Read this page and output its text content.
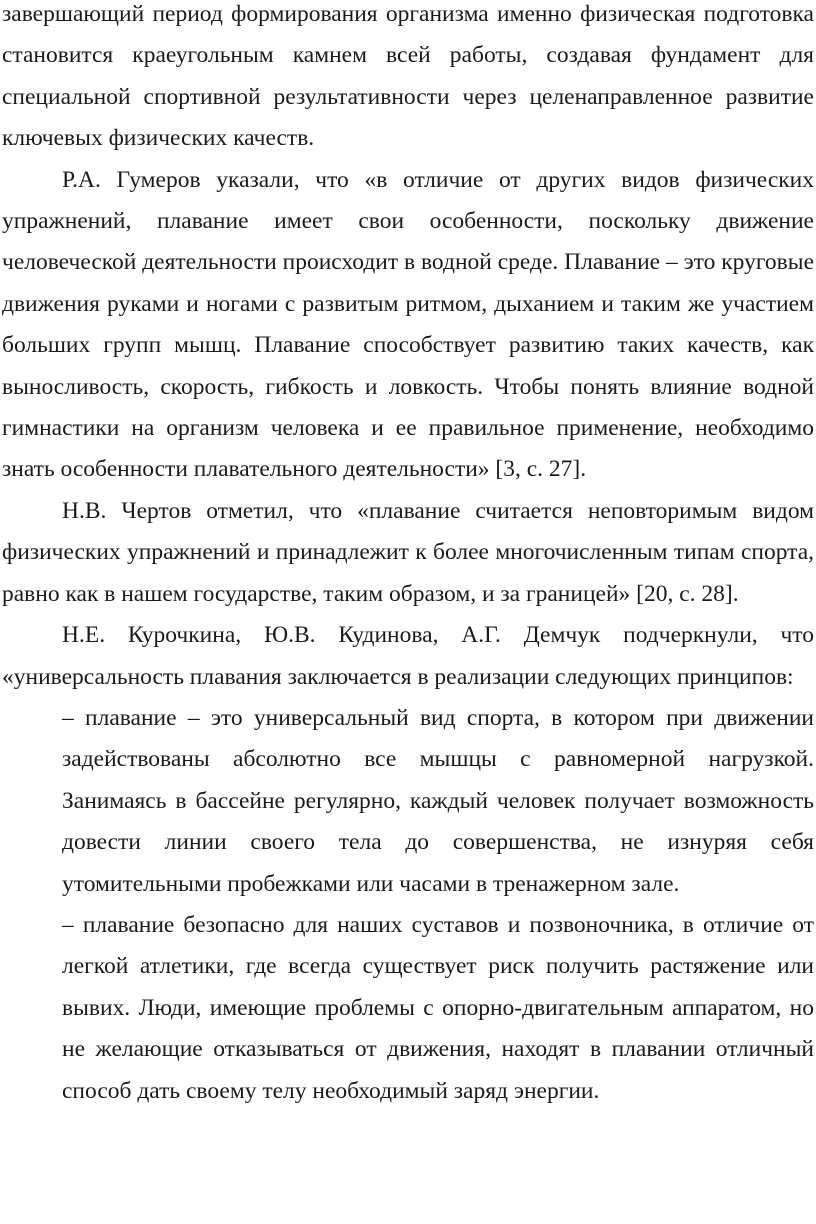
завершающий период формирования организма именно физическая подготовка становится краеугольным камнем всей работы, создавая фундамент для специальной спортивной результативности через целенаправленное развитие ключевых физических качеств.

Р.А. Гумеров указали, что «в отличие от других видов физических упражнений, плавание имеет свои особенности, поскольку движение человеческой деятельности происходит в водной среде. Плавание – это круговые движения руками и ногами с развитым ритмом, дыханием и таким же участием больших групп мышц. Плавание способствует развитию таких качеств, как выносливость, скорость, гибкость и ловкость. Чтобы понять влияние водной гимнастики на организм человека и ее правильное применение, необходимо знать особенности плавательного деятельности» [3, с. 27].

Н.В. Чертов отметил, что «плавание считается неповторимым видом физических упражнений и принадлежит к более многочисленным типам спорта, равно как в нашем государстве, таким образом, и за границей» [20, с. 28].

Н.Е. Курочкина, Ю.В. Кудинова, А.Г. Демчук подчеркнули, что «универсальность плавания заключается в реализации следующих принципов:

– плавание – это универсальный вид спорта, в котором при движении задействованы абсолютно все мышцы с равномерной нагрузкой. Занимаясь в бассейне регулярно, каждый человек получает возможность довести линии своего тела до совершенства, не изнуряя себя утомительными пробежками или часами в тренажерном зале.

– плавание безопасно для наших суставов и позвоночника, в отличие от легкой атлетики, где всегда существует риск получить растяжение или вывих. Люди, имеющие проблемы с опорно-двигательным аппаратом, но не желающие отказываться от движения, находят в плавании отличный способ дать своему телу необходимый заряд энергии.
